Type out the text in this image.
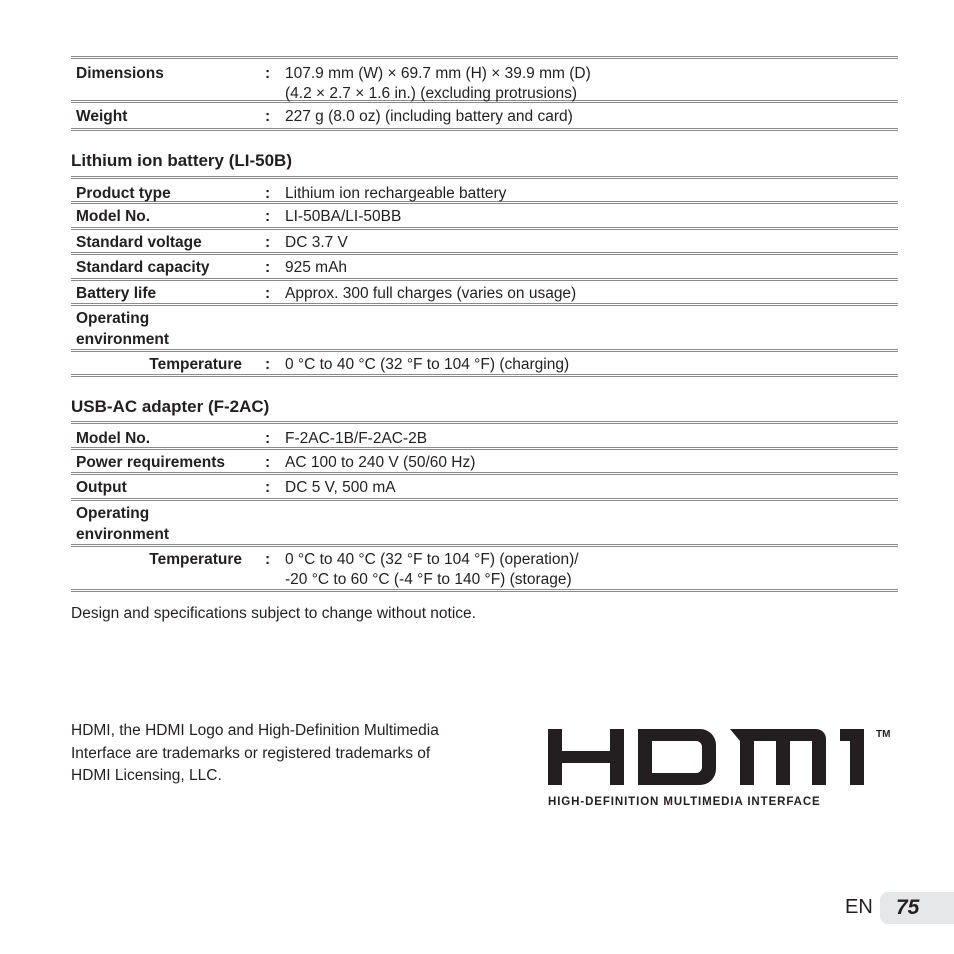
Dimensions	: 107.9 mm (W) × 69.7 mm (H) × 39.9 mm (D)
(4.2 × 2.7 × 1.6 in.) (excluding protrusions)
Weight	: 227 g (8.0 oz) (including battery and card)
Lithium ion battery (LI-50B)
Product type	: Lithium ion rechargeable battery
Model No.	: LI-50BA/LI-50BB
Standard voltage	: DC 3.7 V
Standard capacity	: 925 mAh
Battery life	: Approx. 300 full charges (varies on usage)
Operating
environment
Temperature : 0 °C to 40 °C (32 °F to 104 °F) (charging)
USB-AC adapter (F-2AC)
Model No.	: F-2AC-1B/F-2AC-2B
Power requirements	: AC 100 to 240 V (50/60 Hz)
Output	: DC 5 V, 500 mA
Operating
environment
Temperature : 0 °C to 40 °C (32 °F to 104 °F) (operation)/
-20 °C to 60 °C (-4 °F to 140 °F) (storage)
Design and specifications subject to change without notice.
HDMI, the HDMI Logo and High-Definition Multimedia
Interface are trademarks or registered trademarks of
HDMI Licensing, LLC.
TM
HIGH-DEFINITION MULTIMEDIA INTERFACE
EN 75
